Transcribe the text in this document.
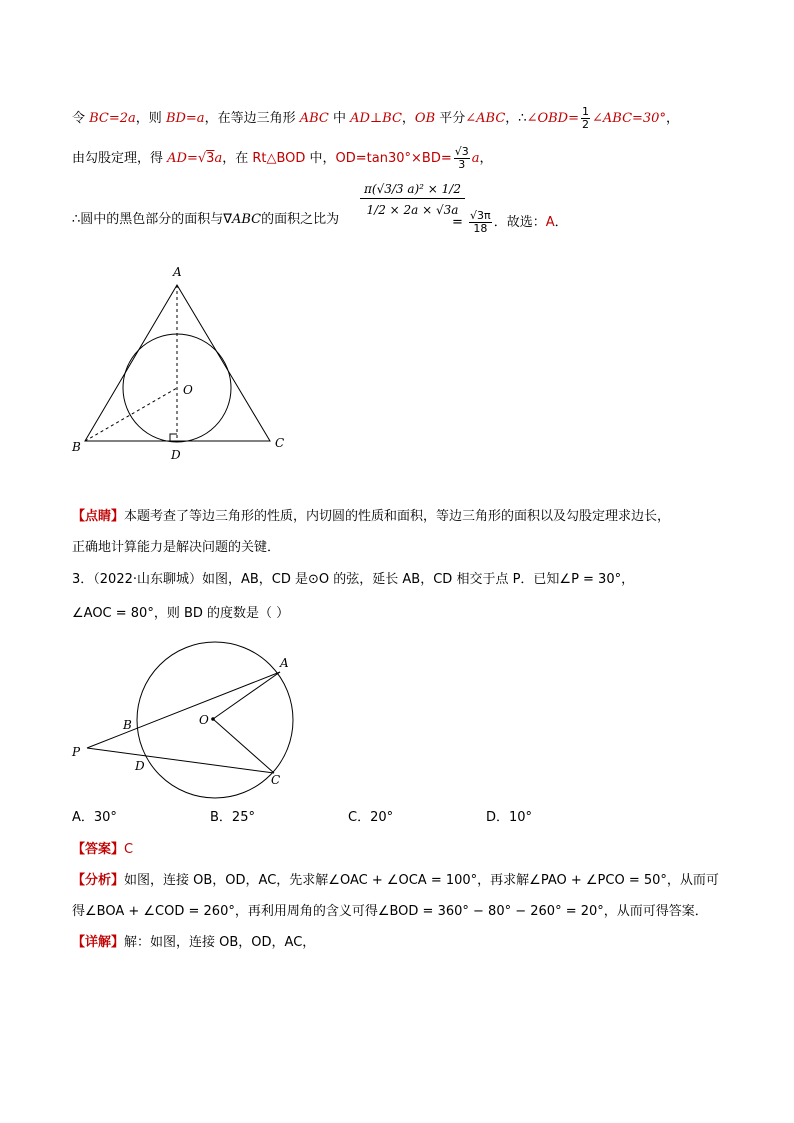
令 BC=2a，则 BD=a，在等边三角形 ABC 中 AD⊥BC，OB 平分∠ABC，∴∠OBD= $\frac{1}{2}$ ∠ABC=30°，
由勾股定理，得 AD=√3a，在 Rt△BOD 中，$OD=\tan 30^\circ\times BD= \frac{√3}{3}$ a，
∴圆中的黑色部分的面积与∇ABC的面积之比为
$\frac{\text{π(√3/3 a)² × 1/2}}{1/2 \times 2a \times √3a}$
= $\frac{√3\pi}{18}$ ．故选：A．
A
B	C
D
O
A
B
C
D
O
P
【点睛】本题考查了等边三角形的性质，内切圆的性质和面积，等边三角形的面积以及勾股定理求边长，
正确地计算能力是解决问题的关键．
3．（2022·山东聊城）如图，AB，CD 是⊙O 的弦，延长 AB，CD 相交于点 P．已知∠P = 30°，
∠AOC = 80°，则 BD 的度数是（ ）
A．30°	B．25°	C．20°	D．10°
【答案】C
【分析】如图，连接 OB，OD，AC，先求解∠OAC + ∠OCA = 100°，再求解∠PAO + ∠PCO = 50°，从而可
得∠BOA + ∠COD = 260°，再利用周角的含义可得∠BOD = 360° − 80° − 260° = 20°，从而可得答案．
【详解】解：如图，连接 OB，OD，AC，
